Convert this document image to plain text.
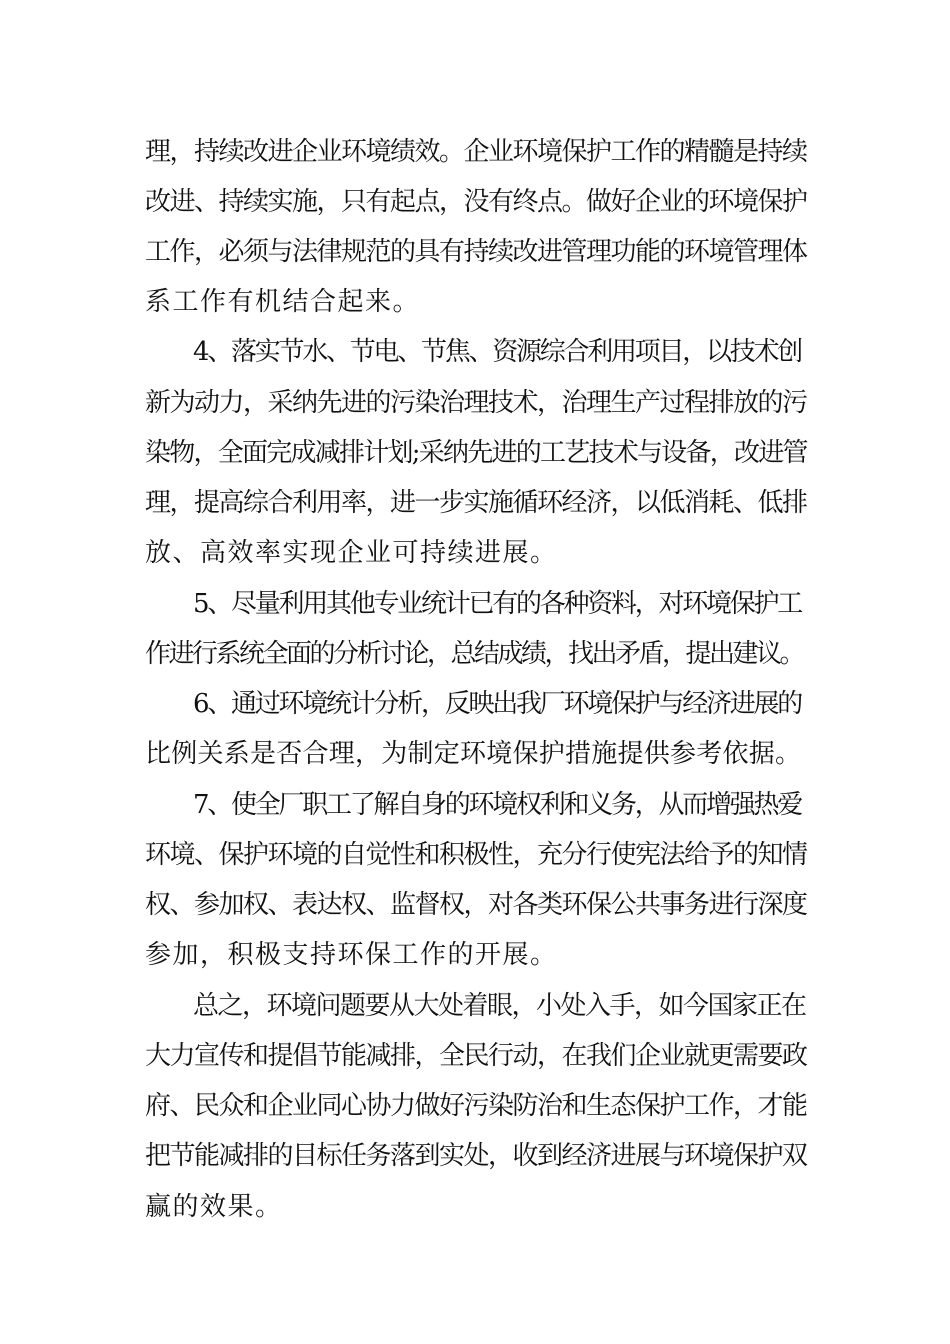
理，持续改进企业环境绩效。企业环境保护工作的精髓是持续
改进、持续实施，只有起点，没有终点。做好企业的环境保护
工作，必须与法律规范的具有持续改进管理功能的环境管理体
系工作有机结合起来。
4、落实节水、节电、节焦、资源综合利用项目，以技术创
新为动力，采纳先进的污染治理技术，治理生产过程排放的污
染物，全面完成减排计划;采纳先进的工艺技术与设备，改进管
理，提高综合利用率，进一步实施循环经济，以低消耗、低排
放、高效率实现企业可持续进展。
5、尽量利用其他专业统计已有的各种资料，对环境保护工
作进行系统全面的分析讨论，总结成绩，找出矛盾，提出建议。
6、通过环境统计分析，反映出我厂环境保护与经济进展的
比例关系是否合理，为制定环境保护措施提供参考依据。
7、使全厂职工了解自身的环境权利和义务，从而增强热爱
环境、保护环境的自觉性和积极性，充分行使宪法给予的知情
权、参加权、表达权、监督权，对各类环保公共事务进行深度
参加，积极支持环保工作的开展。
总之，环境问题要从大处着眼，小处入手，如今国家正在
大力宣传和提倡节能减排，全民行动，在我们企业就更需要政
府、民众和企业同心协力做好污染防治和生态保护工作，才能
把节能减排的目标任务落到实处，收到经济进展与环境保护双
赢的效果。
